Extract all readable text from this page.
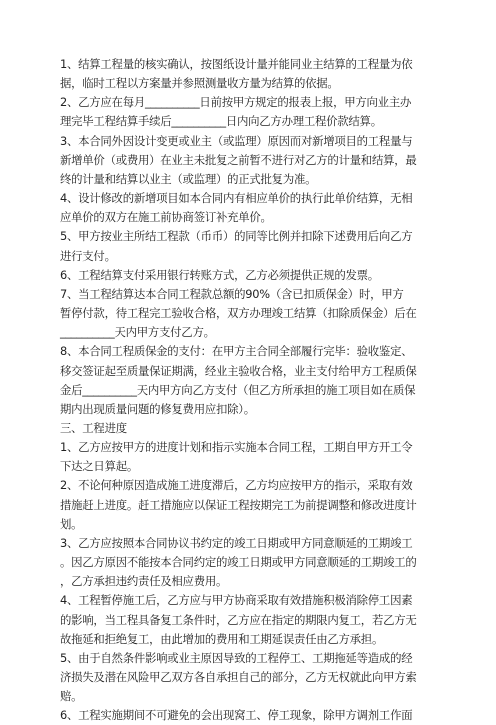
1、结算工程量的核实确认，按图纸设计量并能同业主结算的工程量为依

据，临时工程以方案量并参照测量收方量为结算的依据。

2、乙方应在每月__________日前按甲方规定的报表上报，甲方向业主办

理完毕工程结算手续后__________日内向乙方办理工程价款结算。

3、本合同外因设计变更或业主（或监理）原因而对新增项目的工程量与

新增单价（或费用）在业主未批复之前暂不进行对乙方的计量和结算，最

终的计量和结算以业主（或监理）的正式批复为准。

4、设计修改的新增项目如本合同内有相应单价的执行此单价结算，无相

应单价的双方在施工前协商签订补充单价。

5、甲方按业主所结工程款（币币）的同等比例并扣除下述费用后向乙方

进行支付。

6、工程结算支付采用银行转账方式，乙方必须提供正规的发票。

7、当工程结算达本合同工程款总额的90%（含已扣质保金）时，甲方

暂停付款，待工程完工验收合格，双方办理竣工结算（扣除质保金）后在

__________天内甲方支付乙方。

8、本合同工程质保金的支付：在甲方主合同全部履行完毕：验收鉴定、

移交签证起至质量保证期满，经业主验收合格，业主支付给甲方工程质保

金后__________天内甲方向乙方支付（但乙方所承担的施工项目如在质保

期内出现质量问题的修复费用应扣除）。

三、工程进度

1、乙方应按甲方的进度计划和指示实施本合同工程，工期自甲方开工令

下达之日算起。

2、不论何种原因造成施工进度滞后，乙方均应按甲方的指示，采取有效

措施赶上进度。赶工措施应以保证工程按期完工为前提调整和修改进度计

划。

3、乙方应按照本合同协议书约定的竣工日期或甲方同意顺延的工期竣工

。因乙方原因不能按本合同约定的竣工日期或甲方同意顺延的工期竣工的

，乙方承担违约责任及相应费用。

4、工程暂停施工后，乙方应与甲方协商采取有效措施积极消除停工因素

的影响，当工程具备复工条件时，乙方应在指定的期限内复工，若乙方无

故拖延和拒绝复工，由此增加的费用和工期延误责任由乙方承担。

5、由于自然条件影响或业主原因导致的工程停工、工期拖延等造成的经

济损失及潜在风险甲乙双方各自承担自己的部分，乙方无权就此向甲方索

赔。

6、工程实施期间不可避免的会出现窝工、停工现象，除甲方调剂工作面
